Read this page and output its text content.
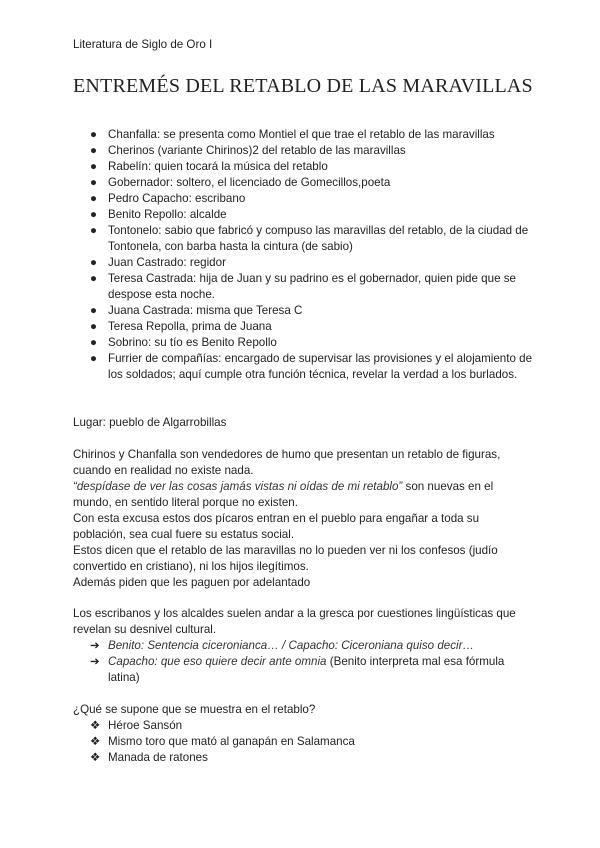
Literatura de Siglo de Oro I
ENTREMÉS DEL RETABLO DE LAS MARAVILLAS
● Chanfalla: se presenta como Montiel el que trae el retablo de las maravillas
● Cherinos (variante Chirinos)2 del retablo de las maravillas
● Rabelín: quien tocará la música del retablo
● Gobernador: soltero, el licenciado de Gomecillos,poeta
● Pedro Capacho: escribano
● Benito Repollo: alcalde
● Tontonelo: sabio que fabricó y compuso las maravillas del retablo, de la ciudad de Tontonela, con barba hasta la cintura (de sabio)
● Juan Castrado: regidor
● Teresa Castrada: hija de Juan y su padrino es el gobernador, quien pide que se despose esta noche.
● Juana Castrada: misma que Teresa C
● Teresa Repolla, prima de Juana
● Sobrino: su tío es Benito Repollo
● Furrier de compañías: encargado de supervisar las provisiones y el alojamiento de los soldados; aquí cumple otra función técnica, revelar la verdad a los burlados.

Lugar: pueblo de Algarrobillas

Chirinos y Chanfalla son vendedores de humo que presentan un retablo de figuras, cuando en realidad no existe nada.

“despídase de ver las cosas jamás vistas ni oídas de mi retablo” son nuevas en el mundo, en sentido literal porque no existen.

Con esta excusa estos dos pícaros entran en el pueblo para engañar a toda su población, sea cual fuere su estatus social.

Estos dicen que el retablo de las maravillas no lo pueden ver ni los confesos (judío convertido en cristiano), ni los hijos ilegítimos.

Además piden que les paguen por adelantado

Los escribanos y los alcaldes suelen andar a la gresca por cuestiones lingüísticas que revelan su desnivel cultural.

➔ Benito: Sentencia ciceronianca… / Capacho: Ciceroniana quiso decir…
➔ Capacho: que eso quiere decir ante omnia (Benito interpreta mal esa fórmula latina)

¿Qué se supone que se muestra en el retablo?

❖ Héroe Sansón
❖ Mismo toro que mató al ganapán en Salamanca
❖ Manada de ratones
